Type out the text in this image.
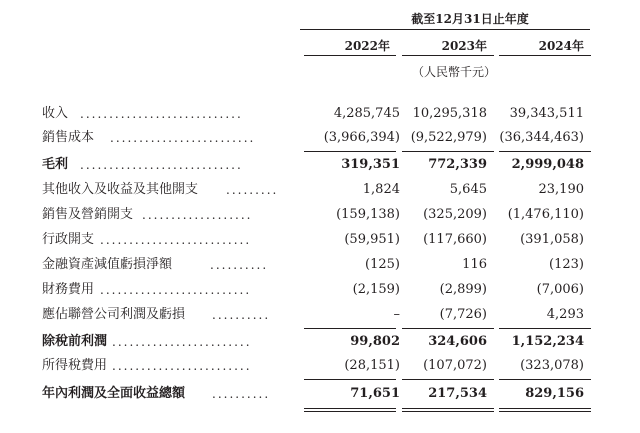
截至12月31日止年度
2022年	2023年	2024年
（人民幣千元）
收入 ............................	4,285,745 10,295,318	39,343,511
銷售成本 .........................	(3,966,394) (9,522,979) (36,344,463)
毛利 ............................	319,351	772,339	2,999,048
其他收入及收益及其他開支 .........	1,824	5,645	23,190
銷售及營銷開支 ...................	(159,138)	(325,209)	(1,476,110)
行政開支 ..........................	(59,951)	(117,660)	(391,058)
金融資產減值虧損淨額	..........	(125)	116	(123)
財務費用 ..........................	(2,159)	(2,899)	(7,006)
應佔聯營公司利潤及虧損 ..........	–	(7,726)	4,293
除稅前利潤 ........................	99,802	324,606	1,152,234
所得稅費用 ........................	(28,151)	(107,072)	(323,078)
年內利潤及全面收益總額 ..........	71,651	217,534	829,156
